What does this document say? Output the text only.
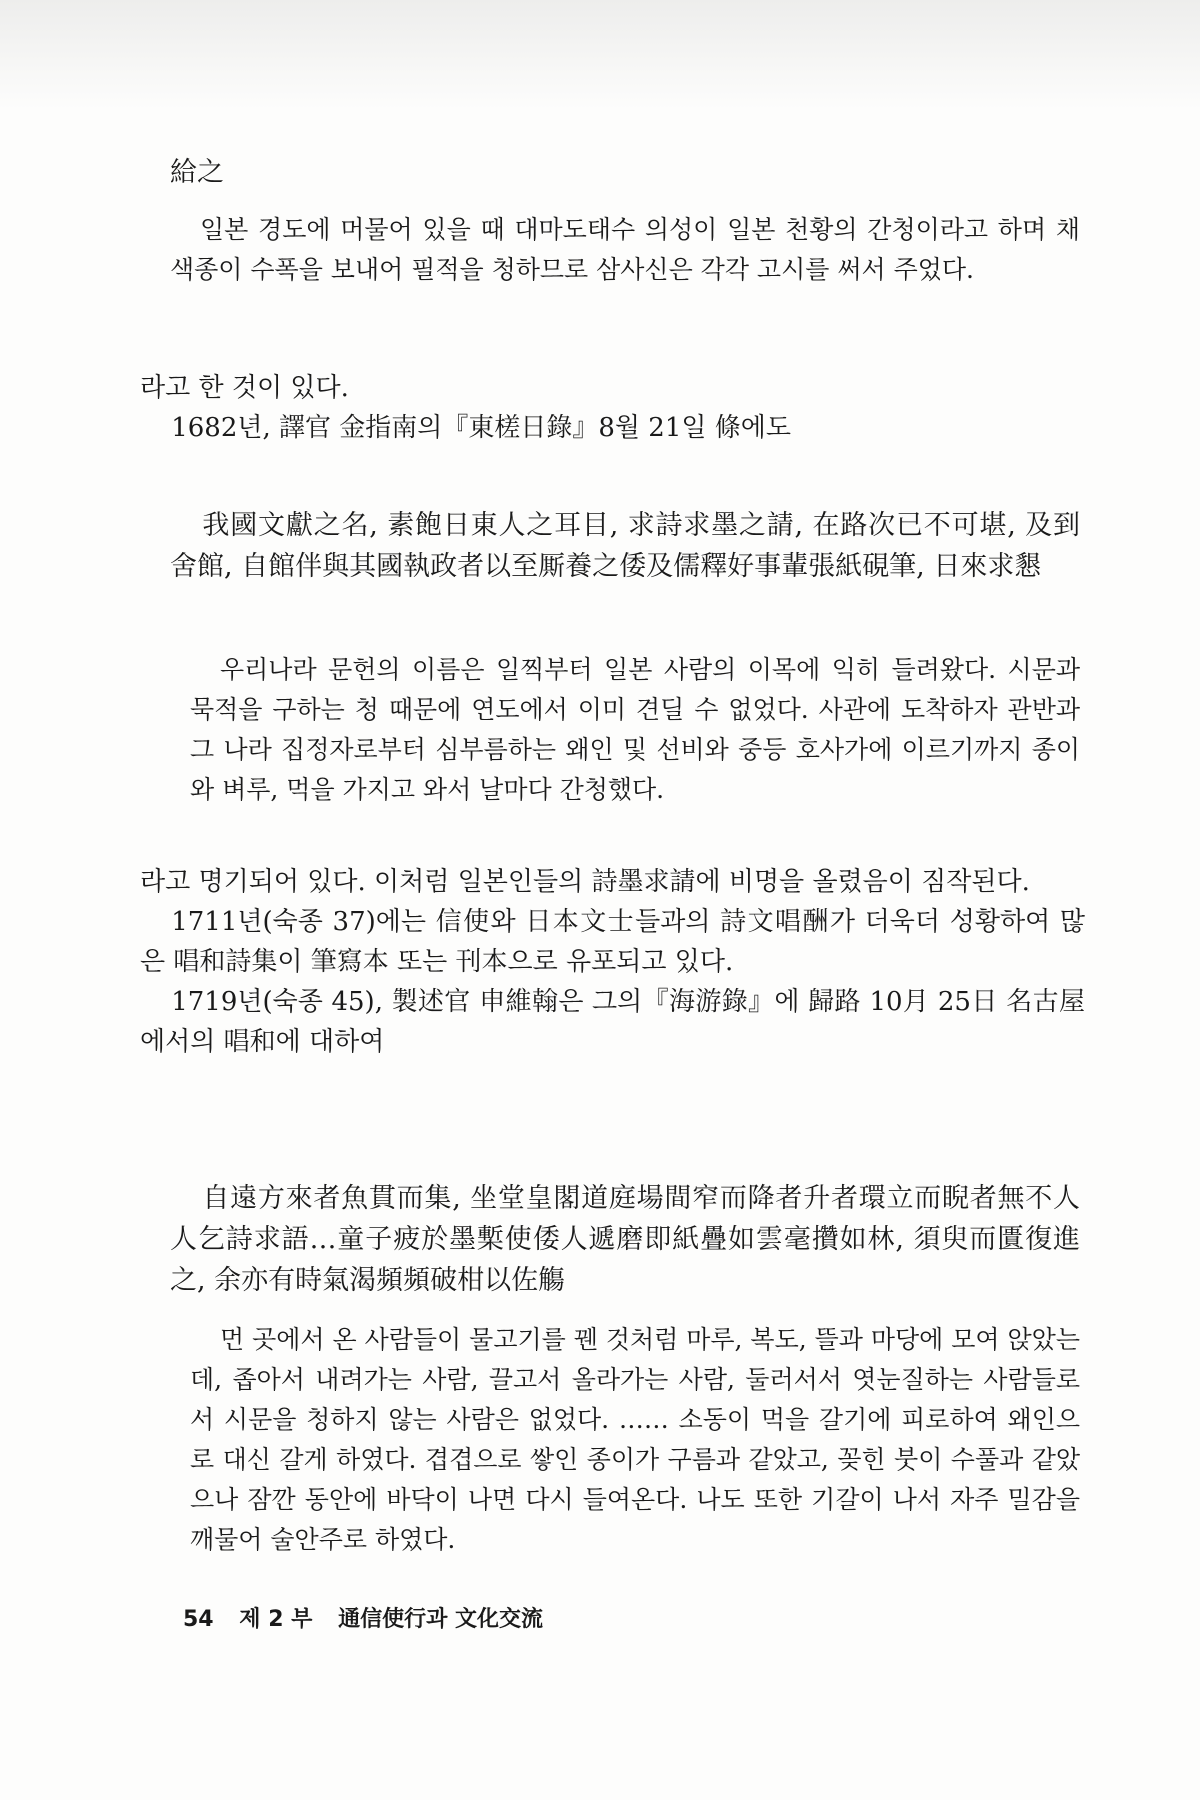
給之

일본 경도에 머물어 있을 때 대마도태수 의성이 일본 천황의 간청이라고 하며 채색종이 수폭을 보내어 필적을 청하므로 삼사신은 각각 고시를 써서 주었다.

라고 한 것이 있다.

1682년, 譯官 金指南의『東槎日錄』8월 21일 條에도

我國文獻之名, 素飽日東人之耳目, 求詩求墨之請, 在路次已不可堪, 及到舍館, 自館伴與其國執政者以至厮養之倭及儒釋好事輩張紙硯筆, 日來求懇

우리나라 문헌의 이름은 일찍부터 일본 사람의 이목에 익히 들려왔다. 시문과 묵적을 구하는 청 때문에 연도에서 이미 견딜 수 없었다. 사관에 도착하자 관반과 그 나라 집정자로부터 심부름하는 왜인 및 선비와 중등 호사가에 이르기까지 종이와 벼루, 먹을 가지고 와서 날마다 간청했다.

라고 명기되어 있다. 이처럼 일본인들의 詩墨求請에 비명을 올렸음이 짐작된다.

1711년(숙종 37)에는 信使와 日本文士들과의 詩文唱酬가 더욱더 성황하여 많은 唱和詩集이 筆寫本 또는 刊本으로 유포되고 있다.

1719년(숙종 45), 製述官 申維翰은 그의『海游錄』에 歸路 10月 25日 名古屋에서의 唱和에 대하여

自遠方來者魚貫而集, 坐堂皇閣道庭場間窄而降者升者環立而睨者無不人人乞詩求語…童子疲於墨槧使倭人遞磨即紙疊如雲毫攢如林, 須臾而匱復進之, 余亦有時氣渴頻頻破柑以佐觴

먼 곳에서 온 사람들이 물고기를 꿴 것처럼 마루, 복도, 뜰과 마당에 모여 앉았는데, 좁아서 내려가는 사람, 끌고서 올라가는 사람, 둘러서서 엿눈질하는 사람들로서 시문을 청하지 않는 사람은 없었다. …… 소동이 먹을 갈기에 피로하여 왜인으로 대신 갈게 하였다. 겹겹으로 쌓인 종이가 구름과 같았고, 꽂힌 붓이 수풀과 같았으나 잠깐 동안에 바닥이 나면 다시 들여온다. 나도 또한 기갈이 나서 자주 밀감을 깨물어 술안주로 하였다.

54 제 2 부 通信使行과 文化交流
